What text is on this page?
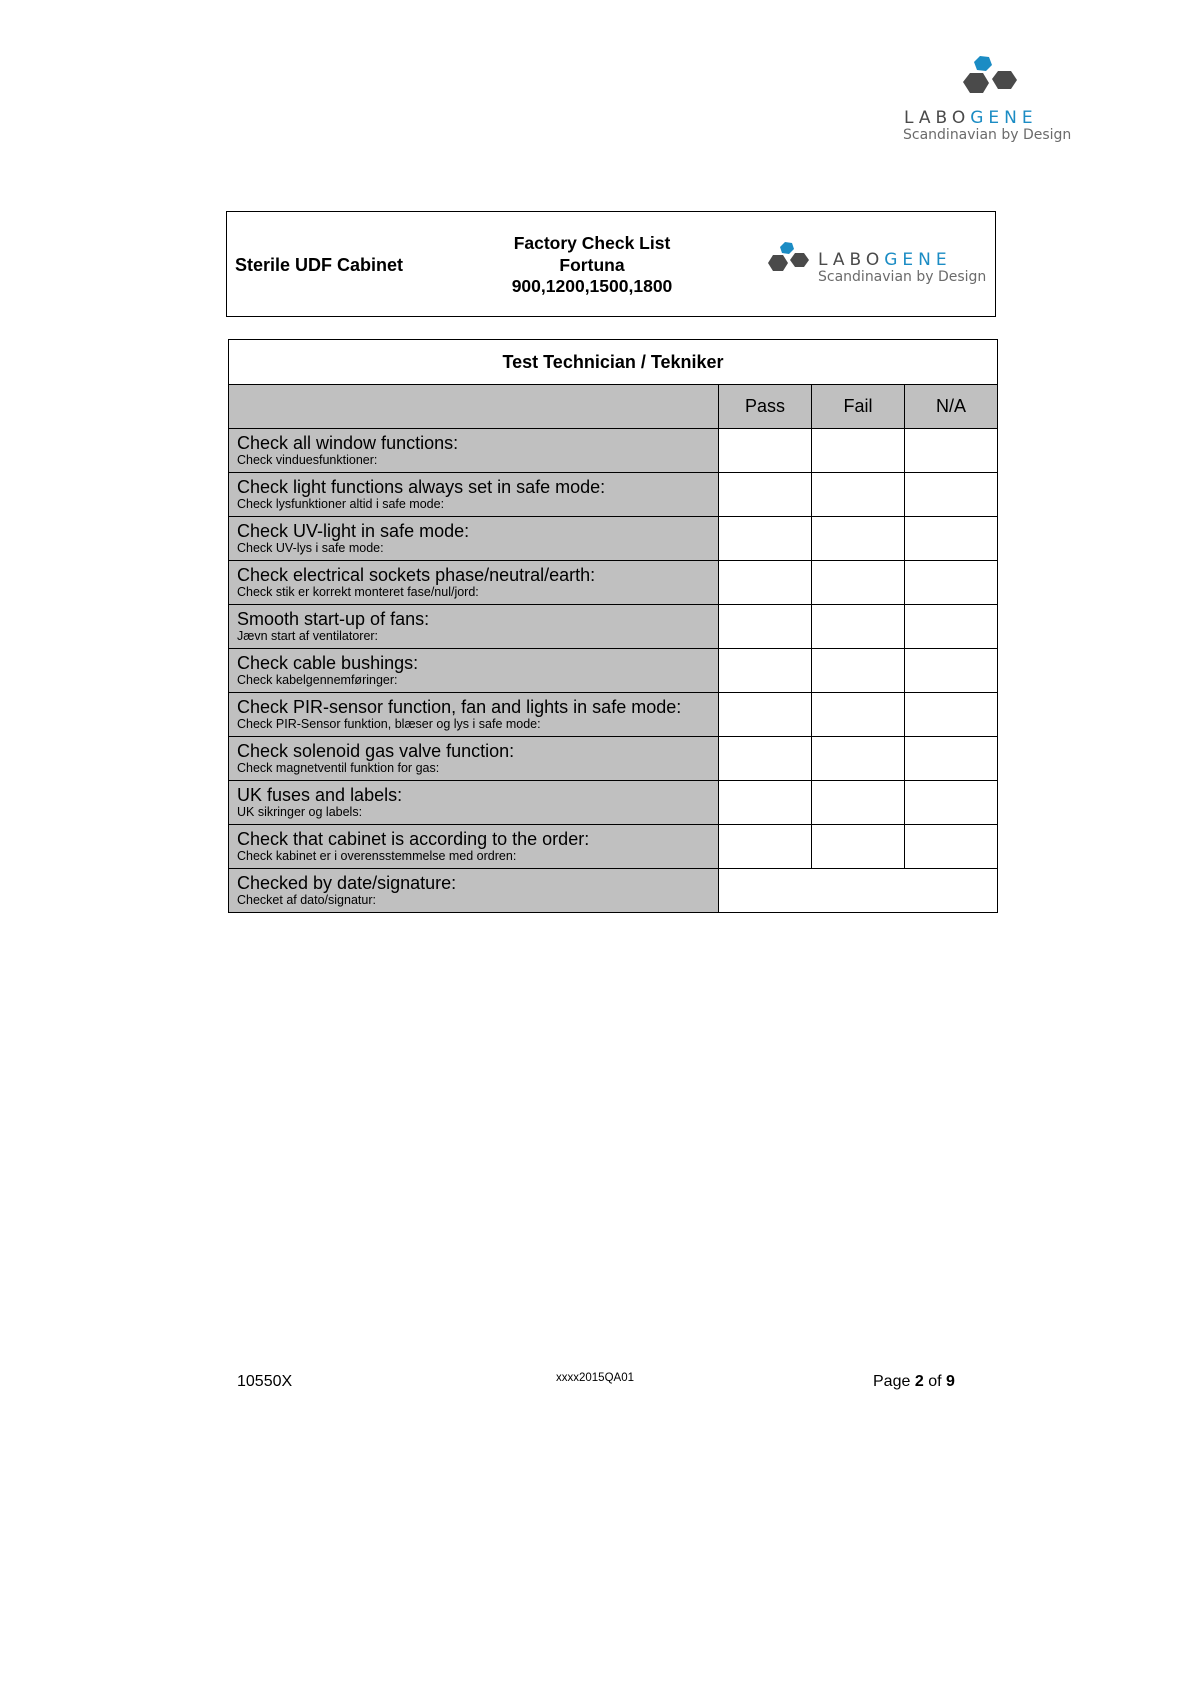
LABOGENE
Scandinavian by Design
Sterile UDF Cabinet
Factory Check List
Fortuna
900,1200,1500,1800
LABOGENE
Scandinavian by Design
Test Technician / Tekniker			
	Pass	Fail	N/A

Check all window functions:
Check vinduesfunktioner:			

Check light functions always set in safe mode:
Check lysfunktioner altid i safe mode:			

Check UV-light in safe mode:
Check UV-lys i safe mode:			

Check electrical sockets phase/neutral/earth:
Check stik er korrekt monteret fase/nul/jord:			

Smooth start-up of fans:
Jævn start af ventilatorer:			

Check cable bushings:
Check kabelgennemføringer:			

Check PIR-sensor function, fan and lights in safe mode:
Check PIR-Sensor funktion, blæser og lys i safe mode:			

Check solenoid gas valve function:
Check magnetventil funktion for gas:			

UK fuses and labels:
UK sikringer og labels:			

Check that cabinet is according to the order:
Check kabinet er i overensstemmelse med ordren:			

Checked by date/signature:
Checket af dato/signatur:			

10550X	xxxx2015QA01	Page 2 of 9
